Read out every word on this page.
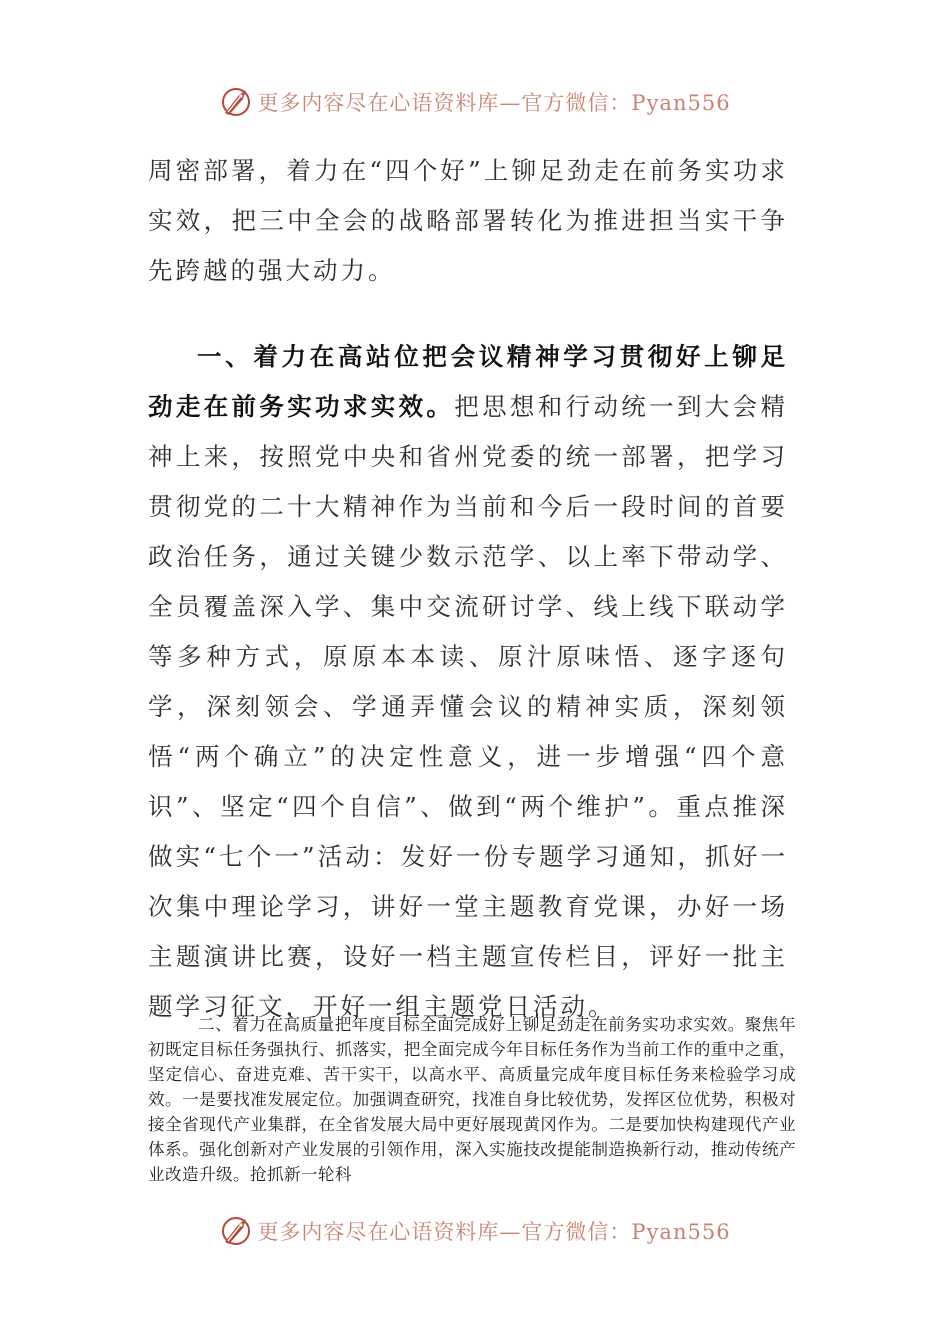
更多内容尽在心语资料库—官方微信：Pyan556

周密部署，着力在“四个好”上铆足劲走在前务实功求实效，把三中全会的战略部署转化为推进担当实干争先跨越的强大动力。

一、着力在高站位把会议精神学习贯彻好上铆足劲走在前务实功求实效。把思想和行动统一到大会精神上来，按照党中央和省州党委的统一部署，把学习贯彻党的二十大精神作为当前和今后一段时间的首要政治任务，通过关键少数示范学、以上率下带动学、全员覆盖深入学、集中交流研讨学、线上线下联动学等多种方式，原原本本读、原汁原味悟、逐字逐句学，深刻领会、学通弄懂会议的精神实质，深刻领悟“两个确立”的决定性意义，进一步增强“四个意识”、坚定“四个自信”、做到“两个维护”。重点推深做实“七个一”活动：发好一份专题学习通知，抓好一次集中理论学习，讲好一堂主题教育党课，办好一场主题演讲比赛，设好一档主题宣传栏目，评好一批主题学习征文，开好一组主题党日活动。

二、着力在高质量把年度目标全面完成好上铆足劲走在前务实功求实效。聚焦年初既定目标任务强执行、抓落实，把全面完成今年目标任务作为当前工作的重中之重，坚定信心、奋进克难、苦干实干，以高水平、高质量完成年度目标任务来检验学习成效。一是要找准发展定位。加强调查研究，找准自身比较优势，发挥区位优势，积极对接全省现代产业集群，在全省发展大局中更好展现黄冈作为。二是要加快构建现代产业体系。强化创新对产业发展的引领作用，深入实施技改提能制造换新行动，推动传统产业改造升级。抢抓新一轮科

更多内容尽在心语资料库—官方微信：Pyan556
